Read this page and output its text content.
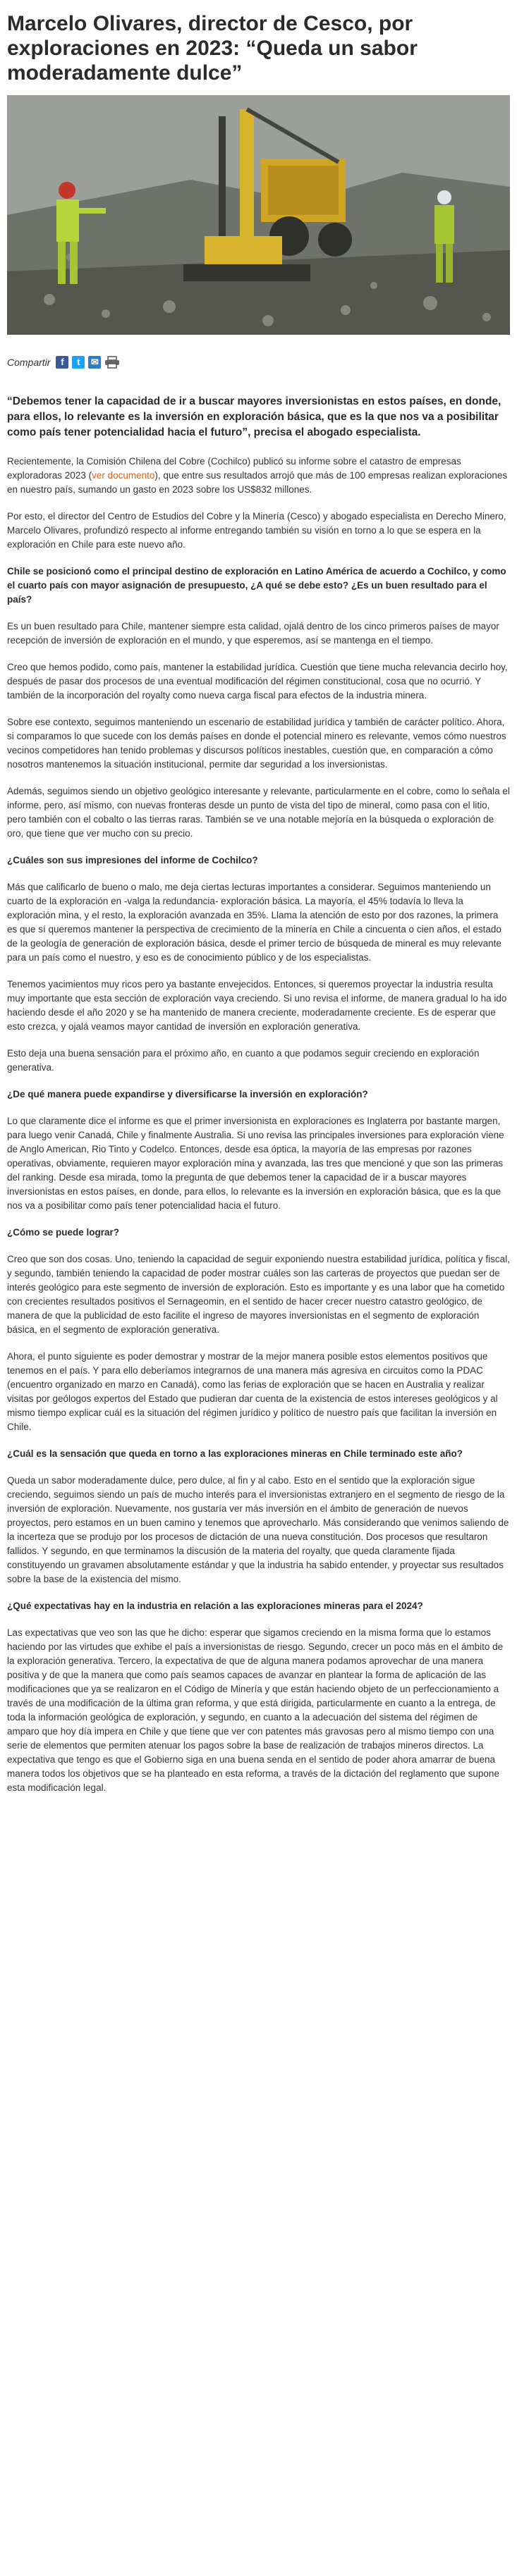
Marcelo Olivares, director de Cesco, por exploraciones en 2023: “Queda un sabor moderadamente dulce”
Compartir	f	t	✉
“Debemos tener la capacidad de ir a buscar mayores inversionistas en estos países, en donde, para ellos, lo relevante es la inversión en exploración básica, que es la que nos va a posibilitar como país tener potencialidad hacia el futuro”, precisa el abogado especialista.

Recientemente, la Comisión Chilena del Cobre (Cochilco) publicó su informe sobre el catastro de empresas exploradoras 2023 (ver documento), que entre sus resultados arrojó que más de 100 empresas realizan exploraciones en nuestro país, sumando un gasto en 2023 sobre los US$832 millones.

Por esto, el director del Centro de Estudios del Cobre y la Minería (Cesco) y abogado especialista en Derecho Minero, Marcelo Olivares, profundizó respecto al informe entregando también su visión en torno a lo que se espera en la exploración en Chile para este nuevo año.

Chile se posicionó como el principal destino de exploración en Latino América de acuerdo a Cochilco, y como el cuarto país con mayor asignación de presupuesto, ¿A qué se debe esto? ¿Es un buen resultado para el país?

Es un buen resultado para Chile, mantener siempre esta calidad, ojalá dentro de los cinco primeros países de mayor recepción de inversión de exploración en el mundo, y que esperemos, así se mantenga en el tiempo.

Creo que hemos podido, como país, mantener la estabilidad jurídica. Cuestión que tiene mucha relevancia decirlo hoy, después de pasar dos procesos de una eventual modificación del régimen constitucional, cosa que no ocurrió. Y también de la incorporación del royalty como nueva carga fiscal para efectos de la industria minera.

Sobre ese contexto, seguimos manteniendo un escenario de estabilidad jurídica y también de carácter político. Ahora, si comparamos lo que sucede con los demás países en donde el potencial minero es relevante, vemos cómo nuestros vecinos competidores han tenido problemas y discursos políticos inestables, cuestión que, en comparación a cómo nosotros mantenemos la situación institucional, permite dar seguridad a los inversionistas.

Además, seguimos siendo un objetivo geológico interesante y relevante, particularmente en el cobre, como lo señala el informe, pero, así mismo, con nuevas fronteras desde un punto de vista del tipo de mineral, como pasa con el litio, pero también con el cobalto o las tierras raras. También se ve una notable mejoría en la búsqueda o exploración de oro, que tiene que ver mucho con su precio.

¿Cuáles son sus impresiones del informe de Cochilco?

Más que calificarlo de bueno o malo, me deja ciertas lecturas importantes a considerar. Seguimos manteniendo un cuarto de la exploración en -valga la redundancia- exploración básica. La mayoría, el 45% todavía lo lleva la exploración mina, y el resto, la exploración avanzada en 35%. Llama la atención de esto por dos razones, la primera es que sí queremos mantener la perspectiva de crecimiento de la minería en Chile a cincuenta o cien años, el estado de la geología de generación de exploración básica, desde el primer tercio de búsqueda de mineral es muy relevante para un país como el nuestro, y eso es de conocimiento público y de los especialistas.

Tenemos yacimientos muy ricos pero ya bastante envejecidos. Entonces, si queremos proyectar la industria resulta muy importante que esta sección de exploración vaya creciendo. Si uno revisa el informe, de manera gradual lo ha ido haciendo desde el año 2020 y se ha mantenido de manera creciente, moderadamente creciente. Es de esperar que esto crezca, y ojalá veamos mayor cantidad de inversión en exploración generativa.

Esto deja una buena sensación para el próximo año, en cuanto a que podamos seguir creciendo en exploración generativa.

¿De qué manera puede expandirse y diversificarse la inversión en exploración?

Lo que claramente dice el informe es que el primer inversionista en exploraciones es Inglaterra por bastante margen, para luego venir Canadá, Chile y finalmente Australia. Si uno revisa las principales inversiones para exploración viene de Anglo American, Rio Tinto y Codelco. Entonces, desde esa óptica, la mayoría de las empresas por razones operativas, obviamente, requieren mayor exploración mina y avanzada, las tres que mencioné y que son las primeras del ranking. Desde esa mirada, tomo la pregunta de que debemos tener la capacidad de ir a buscar mayores inversionistas en estos países, en donde, para ellos, lo relevante es la inversión en exploración básica, que es la que nos va a posibilitar como país tener potencialidad hacia el futuro.

¿Cómo se puede lograr?

Creo que son dos cosas. Uno, teniendo la capacidad de seguir exponiendo nuestra estabilidad jurídica, política y fiscal, y segundo, también teniendo la capacidad de poder mostrar cuáles son las carteras de proyectos que puedan ser de interés geológico para este segmento de inversión de exploración. Esto es importante y es una labor que ha cometido con crecientes resultados positivos el Sernageomin, en el sentido de hacer crecer nuestro catastro geológico, de manera de que la publicidad de esto facilite el ingreso de mayores inversionistas en el segmento de exploración básica, en el segmento de exploración generativa.

Ahora, el punto siguiente es poder demostrar y mostrar de la mejor manera posible estos elementos positivos que tenemos en el país. Y para ello deberíamos integrarnos de una manera más agresiva en circuitos como la PDAC (encuentro organizado en marzo en Canadá), como las ferias de exploración que se hacen en Australia y realizar visitas por geólogos expertos del Estado que pudieran dar cuenta de la existencia de estos intereses geológicos y al mismo tiempo explicar cuál es la situación del régimen jurídico y político de nuestro país que facilitan la inversión en Chile.

¿Cuál es la sensación que queda en torno a las exploraciones mineras en Chile terminado este año?

Queda un sabor moderadamente dulce, pero dulce, al fin y al cabo. Esto en el sentido que la exploración sigue creciendo, seguimos siendo un país de mucho interés para el inversionistas extranjero en el segmento de riesgo de la inversión de exploración. Nuevamente, nos gustaría ver más inversión en el ámbito de generación de nuevos proyectos, pero estamos en un buen camino y tenemos que aprovecharlo. Más considerando que venimos saliendo de la incerteza que se produjo por los procesos de dictación de una nueva constitución. Dos procesos que resultaron fallidos. Y segundo, en que terminamos la discusión de la materia del royalty, que queda claramente fijada constituyendo un gravamen absolutamente estándar y que la industria ha sabido entender, y proyectar sus resultados sobre la base de la existencia del mismo.

¿Qué expectativas hay en la industria en relación a las exploraciones mineras para el 2024?

Las expectativas que veo son las que he dicho: esperar que sigamos creciendo en la misma forma que lo estamos haciendo por las virtudes que exhibe el país a inversionistas de riesgo. Segundo, crecer un poco más en el ámbito de la exploración generativa. Tercero, la expectativa de que de alguna manera podamos aprovechar de una manera positiva y de que la manera que como país seamos capaces de avanzar en plantear la forma de aplicación de las modificaciones que ya se realizaron en el Código de Minería y que están haciendo objeto de un perfeccionamiento a través de una modificación de la última gran reforma, y que está dirigida, particularmente en cuanto a la entrega, de toda la información geológica de exploración, y segundo, en cuanto a la adecuación del sistema del régimen de amparo que hoy día impera en Chile y que tiene que ver con patentes más gravosas pero al mismo tiempo con una serie de elementos que permiten atenuar los pagos sobre la base de realización de trabajos mineros directos. La expectativa que tengo es que el Gobierno siga en una buena senda en el sentido de poder ahora amarrar de buena manera todos los objetivos que se ha planteado en esta reforma, a través de la dictación del reglamento que supone esta modificación legal.
